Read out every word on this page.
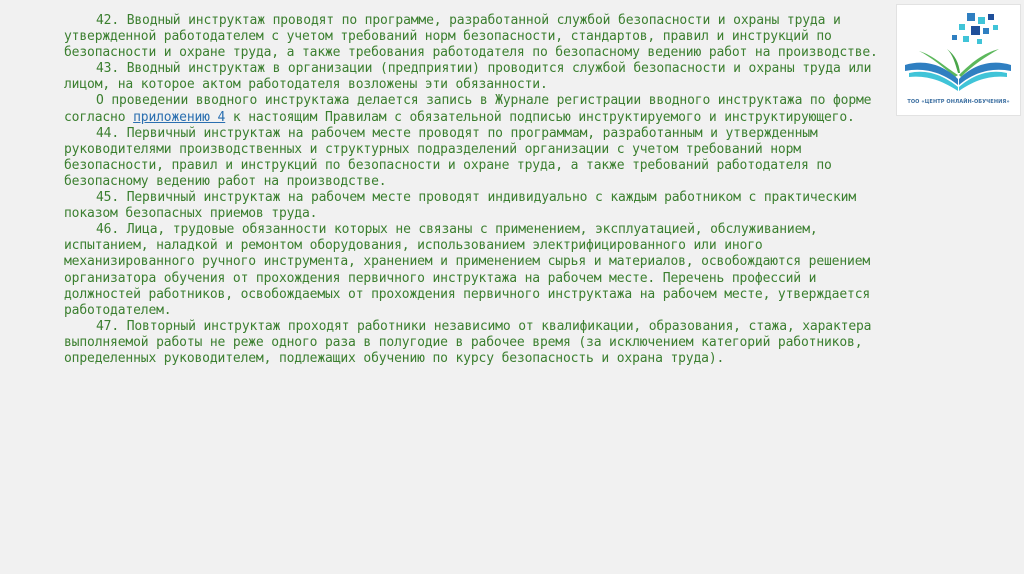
42. Вводный инструктаж проводят по программе, разработанной службой безопасности и охраны труда и утвержденной работодателем с учетом требований норм безопасности, стандартов, правил и инструкций по безопасности и охране труда, а также требования работодателя по безопасному ведению работ на производстве.

43. Вводный инструктаж в организации (предприятии) проводится службой безопасности и охраны труда или лицом, на которое актом работодателя возложены эти обязанности.

О проведении вводного инструктажа делается запись в Журнале регистрации вводного инструктажа по форме согласно приложению 4 к настоящим Правилам с обязательной подписью инструктируемого и инструктирующего.

44. Первичный инструктаж на рабочем месте проводят по программам, разработанным и утвержденным руководителями производственных и структурных подразделений организации с учетом требований норм безопасности, правил и инструкций по безопасности и охране труда, а также требований работодателя по безопасному ведению работ на производстве.

45. Первичный инструктаж на рабочем месте проводят индивидуально с каждым работником с практическим показом безопасных приемов труда.

46. Лица, трудовые обязанности которых не связаны с применением, эксплуатацией, обслуживанием, испытанием, наладкой и ремонтом оборудования, использованием электрифицированного или иного механизированного ручного инструмента, хранением и применением сырья и материалов, освобождаются решением организатора обучения от прохождения первичного инструктажа на рабочем месте. Перечень профессий и должностей работников, освобождаемых от прохождения первичного инструктажа на рабочем месте, утверждается работодателем.

47. Повторный инструктаж проходят работники независимо от квалификации, образования, стажа, характера выполняемой работы не реже одного раза в полугодие в рабочее время (за исключением категорий работников, определенных руководителем, подлежащих обучению по курсу безопасность и охрана труда).

ТОО «ЦЕНТР ОНЛАЙН-ОБУЧЕНИЯ»
